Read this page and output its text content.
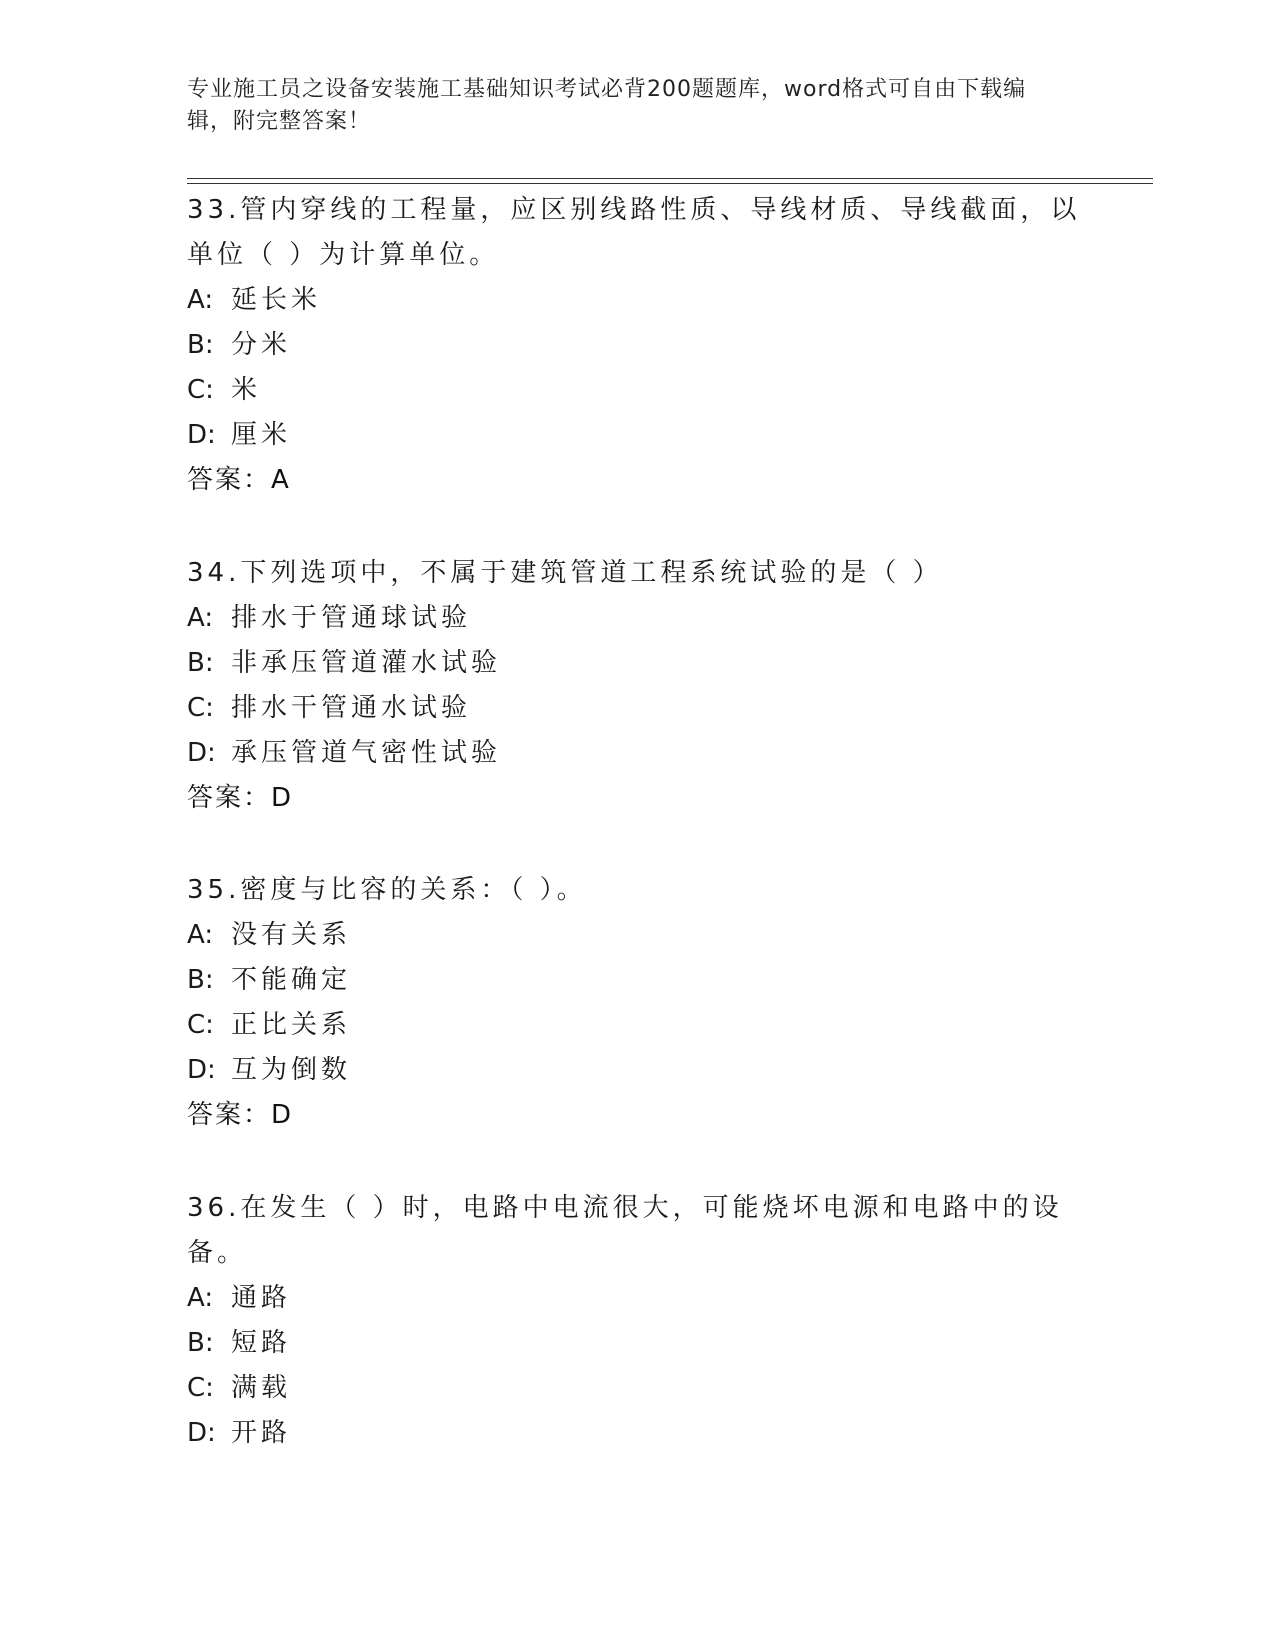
专业施工员之设备安装施工基础知识考试必背200题题库，word格式可自由下载编辑，附完整答案！

33.管内穿线的工程量，应区别线路性质、导线材质、导线截面，以单位（ ）为计算单位。

A: 延长米

B: 分米

C: 米

D: 厘米

答案：A

34.下列选项中，不属于建筑管道工程系统试验的是（ ）

A: 排水于管通球试验

B: 非承压管道灌水试验

C: 排水干管通水试验

D: 承压管道气密性试验

答案：D

35.密度与比容的关系：（ ）。

A: 没有关系

B: 不能确定

C: 正比关系

D: 互为倒数

答案：D

36.在发生（ ）时，电路中电流很大，可能烧坏电源和电路中的设备。

A: 通路

B: 短路

C: 满载

D: 开路
